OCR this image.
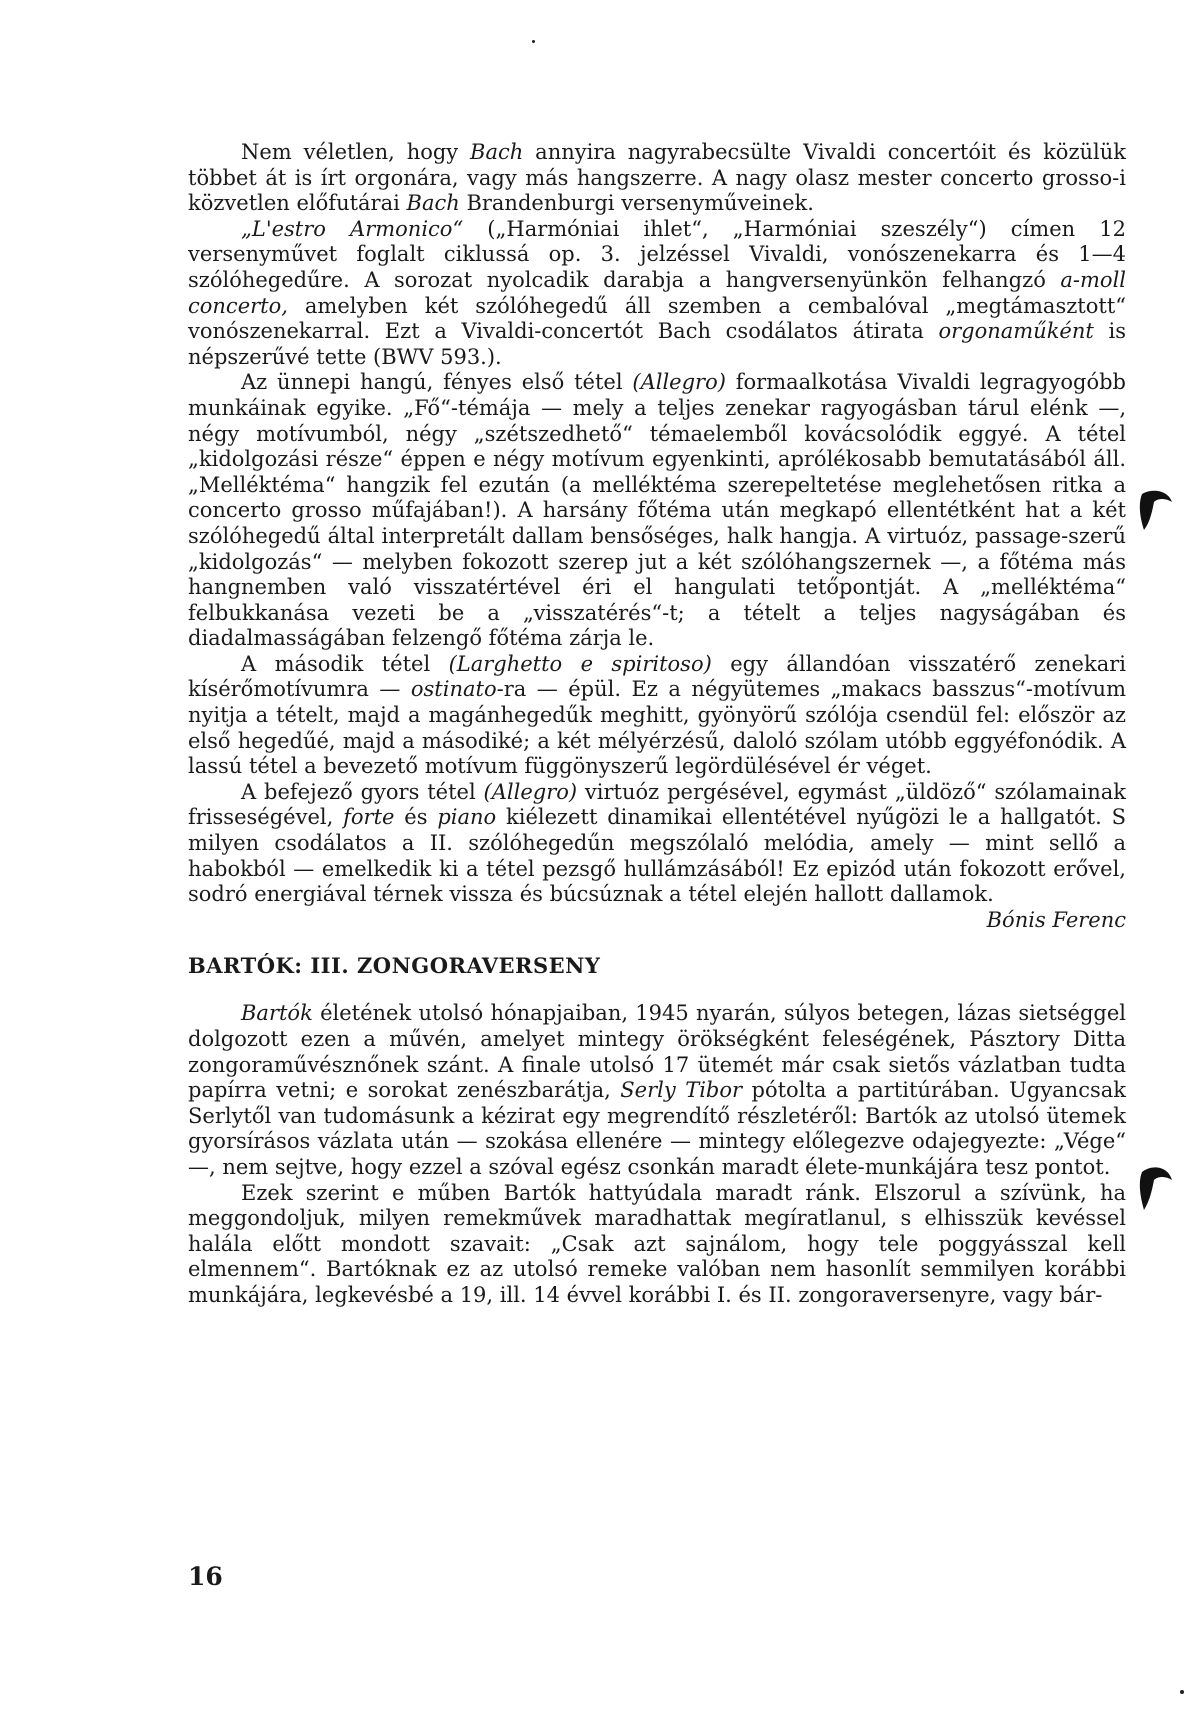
Nem véletlen, hogy Bach annyira nagyrabecsülte Vivaldi concertóit és közülük többet át is írt orgonára, vagy más hangszerre. A nagy olasz mester concerto grosso-i közvetlen előfutárai Bach Brandenburgi versenyműveinek.

„L'estro Armonico“ („Harmóniai ihlet“, „Harmóniai szeszély“) címen 12 versenyművet foglalt ciklussá op. 3. jelzéssel Vivaldi, vonószenekarra és 1—4 szólóhegedűre. A sorozat nyolcadik darabja a hangversenyünkön felhangzó a-moll concerto, amelyben két szólóhegedű áll szemben a cembalóval „megtámasztott“ vonószenekarral. Ezt a Vivaldi-concertót Bach csodálatos átirata orgonaműként is népszerűvé tette (BWV 593.).

Az ünnepi hangú, fényes első tétel (Allegro) formaalkotása Vivaldi legragyogóbb munkáinak egyike. „Fő“-témája — mely a teljes zenekar ragyogásban tárul elénk —, négy motívumból, négy „szétszedhető“ témaelemből kovácsolódik eggyé. A tétel „kidolgozási része“ éppen e négy motívum egyenkinti, aprólékosabb bemutatásából áll. „Melléktéma“ hangzik fel ezután (a melléktéma szerepeltetése meglehetősen ritka a concerto grosso műfajában!). A harsány főtéma után megkapó ellentétként hat a két szólóhegedű által interpretált dallam bensőséges, halk hangja. A virtuóz, passage-szerű „kidolgozás“ — melyben fokozott szerep jut a két szólóhangszernek —, a főtéma más hangnemben való visszatértével éri el hangulati tetőpontját. A „melléktéma“ felbukkanása vezeti be a „visszatérés“-t; a tételt a teljes nagyságában és diadalmasságában felzengő főtéma zárja le.

A második tétel (Larghetto e spiritoso) egy állandóan visszatérő zenekari kísérőmotívumra — ostinato-ra — épül. Ez a négyütemes „makacs basszus“-motívum nyitja a tételt, majd a magánhegedűk meghitt, gyönyörű szólója csendül fel: először az első hegedűé, majd a másodiké; a két mélyérzésű, daloló szólam utóbb eggyéfonódik. A lassú tétel a bevezető motívum függönyszerű legördülésével ér véget.

A befejező gyors tétel (Allegro) virtuóz pergésével, egymást „üldöző“ szólamainak frisseségével, forte és piano kiélezett dinamikai ellentétével nyűgözi le a hallgatót. S milyen csodálatos a II. szólóhegedűn megszólaló melódia, amely — mint sellő a habokból — emelkedik ki a tétel pezsgő hullámzásából! Ez epizód után fokozott erővel, sodró energiával térnek vissza és búcsúznak a tétel elején hallott dallamok.

Bónis Ferenc

BARTÓK: III. ZONGORAVERSENY

Bartók életének utolsó hónapjaiban, 1945 nyarán, súlyos betegen, lázas sietséggel dolgozott ezen a művén, amelyet mintegy örökségként feleségének, Pásztory Ditta zongoraművésznőnek szánt. A finale utolsó 17 ütemét már csak sietős vázlatban tudta papírra vetni; e sorokat zenészbarátja, Serly Tibor pótolta a partitúrában. Ugyancsak Serlytől van tudomásunk a kézirat egy megrendítő részletéről: Bartók az utolsó ütemek gyorsírásos vázlata után — szokása ellenére — mintegy előlegezve odajegyezte: „Vége“ —, nem sejtve, hogy ezzel a szóval egész csonkán maradt élete-munkájára tesz pontot.

Ezek szerint e műben Bartók hattyúdala maradt ránk. Elszorul a szívünk, ha meggondoljuk, milyen remekművek maradhattak megíratlanul, s elhisszük kevéssel halála előtt mondott szavait: „Csak azt sajnálom, hogy tele poggyásszal kell elmennem“. Bartóknak ez az utolsó remeke valóban nem hasonlít semmilyen korábbi munkájára, legkevésbé a 19, ill. 14 évvel korábbi I. és II. zongoraversenyre, vagy bár-

16
